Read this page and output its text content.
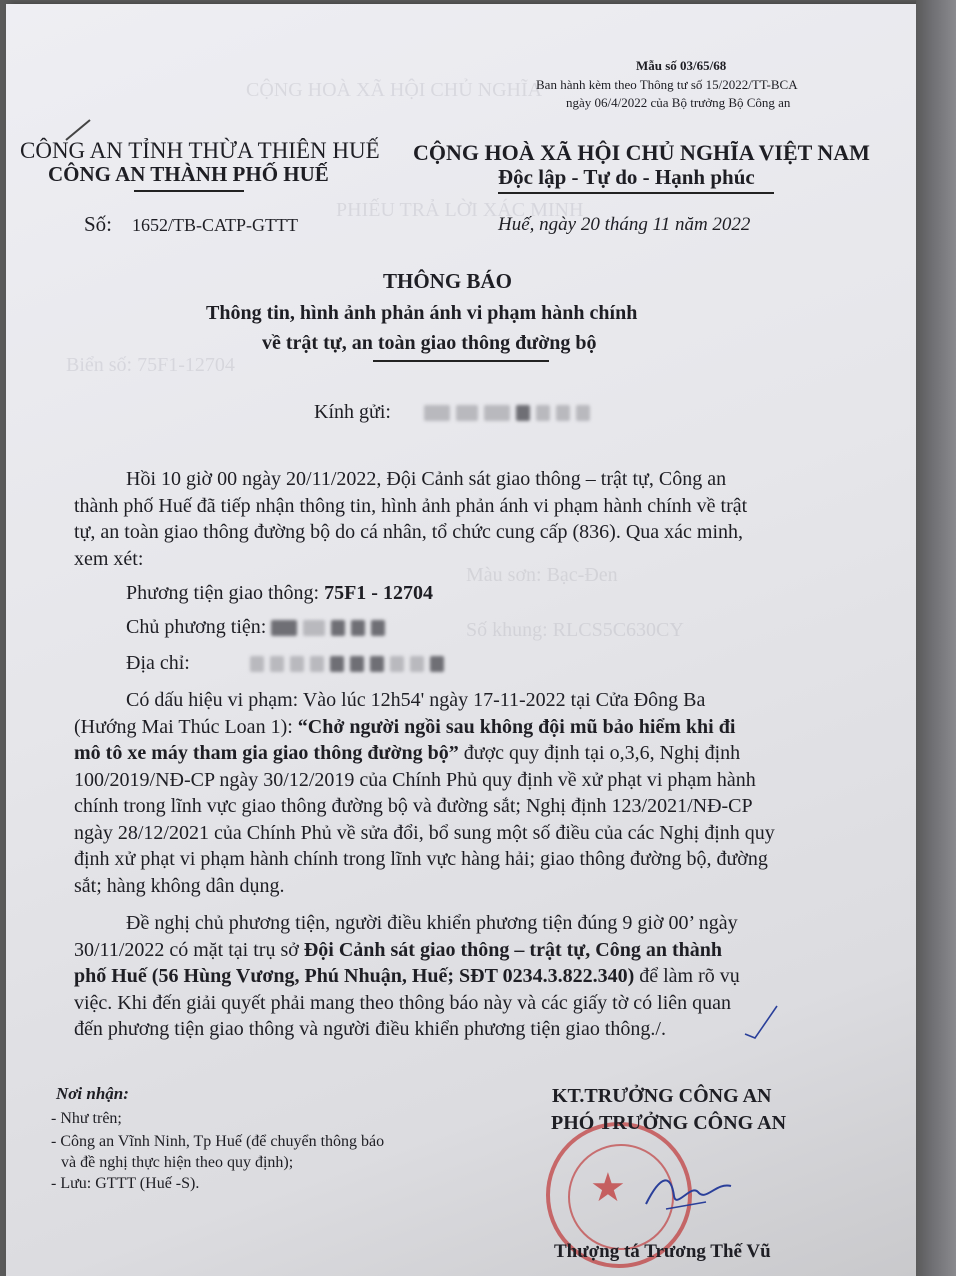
CỘNG HOÀ XÃ HỘI CHỦ NGHĨA
PHIẾU TRẢ LỜI XÁC MINH
Biển số: 75F1-12704
Màu sơn: Bạc-Đen
Số khung: RLCS5C630CY
Mẫu số 03/65/68
Ban hành kèm theo Thông tư số 15/2022/TT-BCA
ngày 06/4/2022 của Bộ trưởng Bộ Công an
CÔNG AN TỈNH THỪA THIÊN HUẾ
CÔNG AN THÀNH PHỐ HUẾ
CỘNG HOÀ XÃ HỘI CHỦ NGHĨA VIỆT NAM
Độc lập - Tự do - Hạnh phúc
Số: 1652/TB-CATP-GTTT	Huế, ngày 20 tháng 11 năm 2022
THÔNG BÁO
Thông tin, hình ảnh phản ánh vi phạm hành chính
về trật tự, an toàn giao thông đường bộ
Kính gửi:
Hồi 10 giờ 00 ngày 20/11/2022, Đội Cảnh sát giao thông – trật tự, Công an
thành phố Huế đã tiếp nhận thông tin, hình ảnh phản ánh vi phạm hành chính về trật
tự, an toàn giao thông đường bộ do cá nhân, tổ chức cung cấp (836). Qua xác minh,
xem xét:
Phương tiện giao thông: 75F1 - 12704
Chủ phương tiện:
Địa chỉ:
Có dấu hiệu vi phạm: Vào lúc 12h54' ngày 17-11-2022 tại Cửa Đông Ba
(Hướng Mai Thúc Loan 1): “Chở người ngồi sau không đội mũ bảo hiểm khi đi
mô tô xe máy tham gia giao thông đường bộ” được quy định tại o,3,6, Nghị định
100/2019/NĐ-CP ngày 30/12/2019 của Chính Phủ quy định về xử phạt vi phạm hành
chính trong lĩnh vực giao thông đường bộ và đường sắt; Nghị định 123/2021/NĐ-CP
ngày 28/12/2021 của Chính Phủ về sửa đổi, bổ sung một số điều của các Nghị định quy
định xử phạt vi phạm hành chính trong lĩnh vực hàng hải; giao thông đường bộ, đường
sắt; hàng không dân dụng.
Đề nghị chủ phương tiện, người điều khiển phương tiện đúng 9 giờ 00’ ngày
30/11/2022 có mặt tại trụ sở Đội Cảnh sát giao thông – trật tự, Công an thành
phố Huế (56 Hùng Vương, Phú Nhuận, Huế; SĐT 0234.3.822.340) để làm rõ vụ
việc. Khi đến giải quyết phải mang theo thông báo này và các giấy tờ có liên quan
đến phương tiện giao thông và người điều khiển phương tiện giao thông./.
Nơi nhận:
- Như trên;
- Công an Vĩnh Ninh, Tp Huế (để chuyển thông báo
và đề nghị thực hiện theo quy định);
- Lưu: GTTT (Huế -S).	★
KT.TRƯỞNG CÔNG AN
PHÓ TRƯỞNG CÔNG AN
Thượng tá Trương Thế Vũ
